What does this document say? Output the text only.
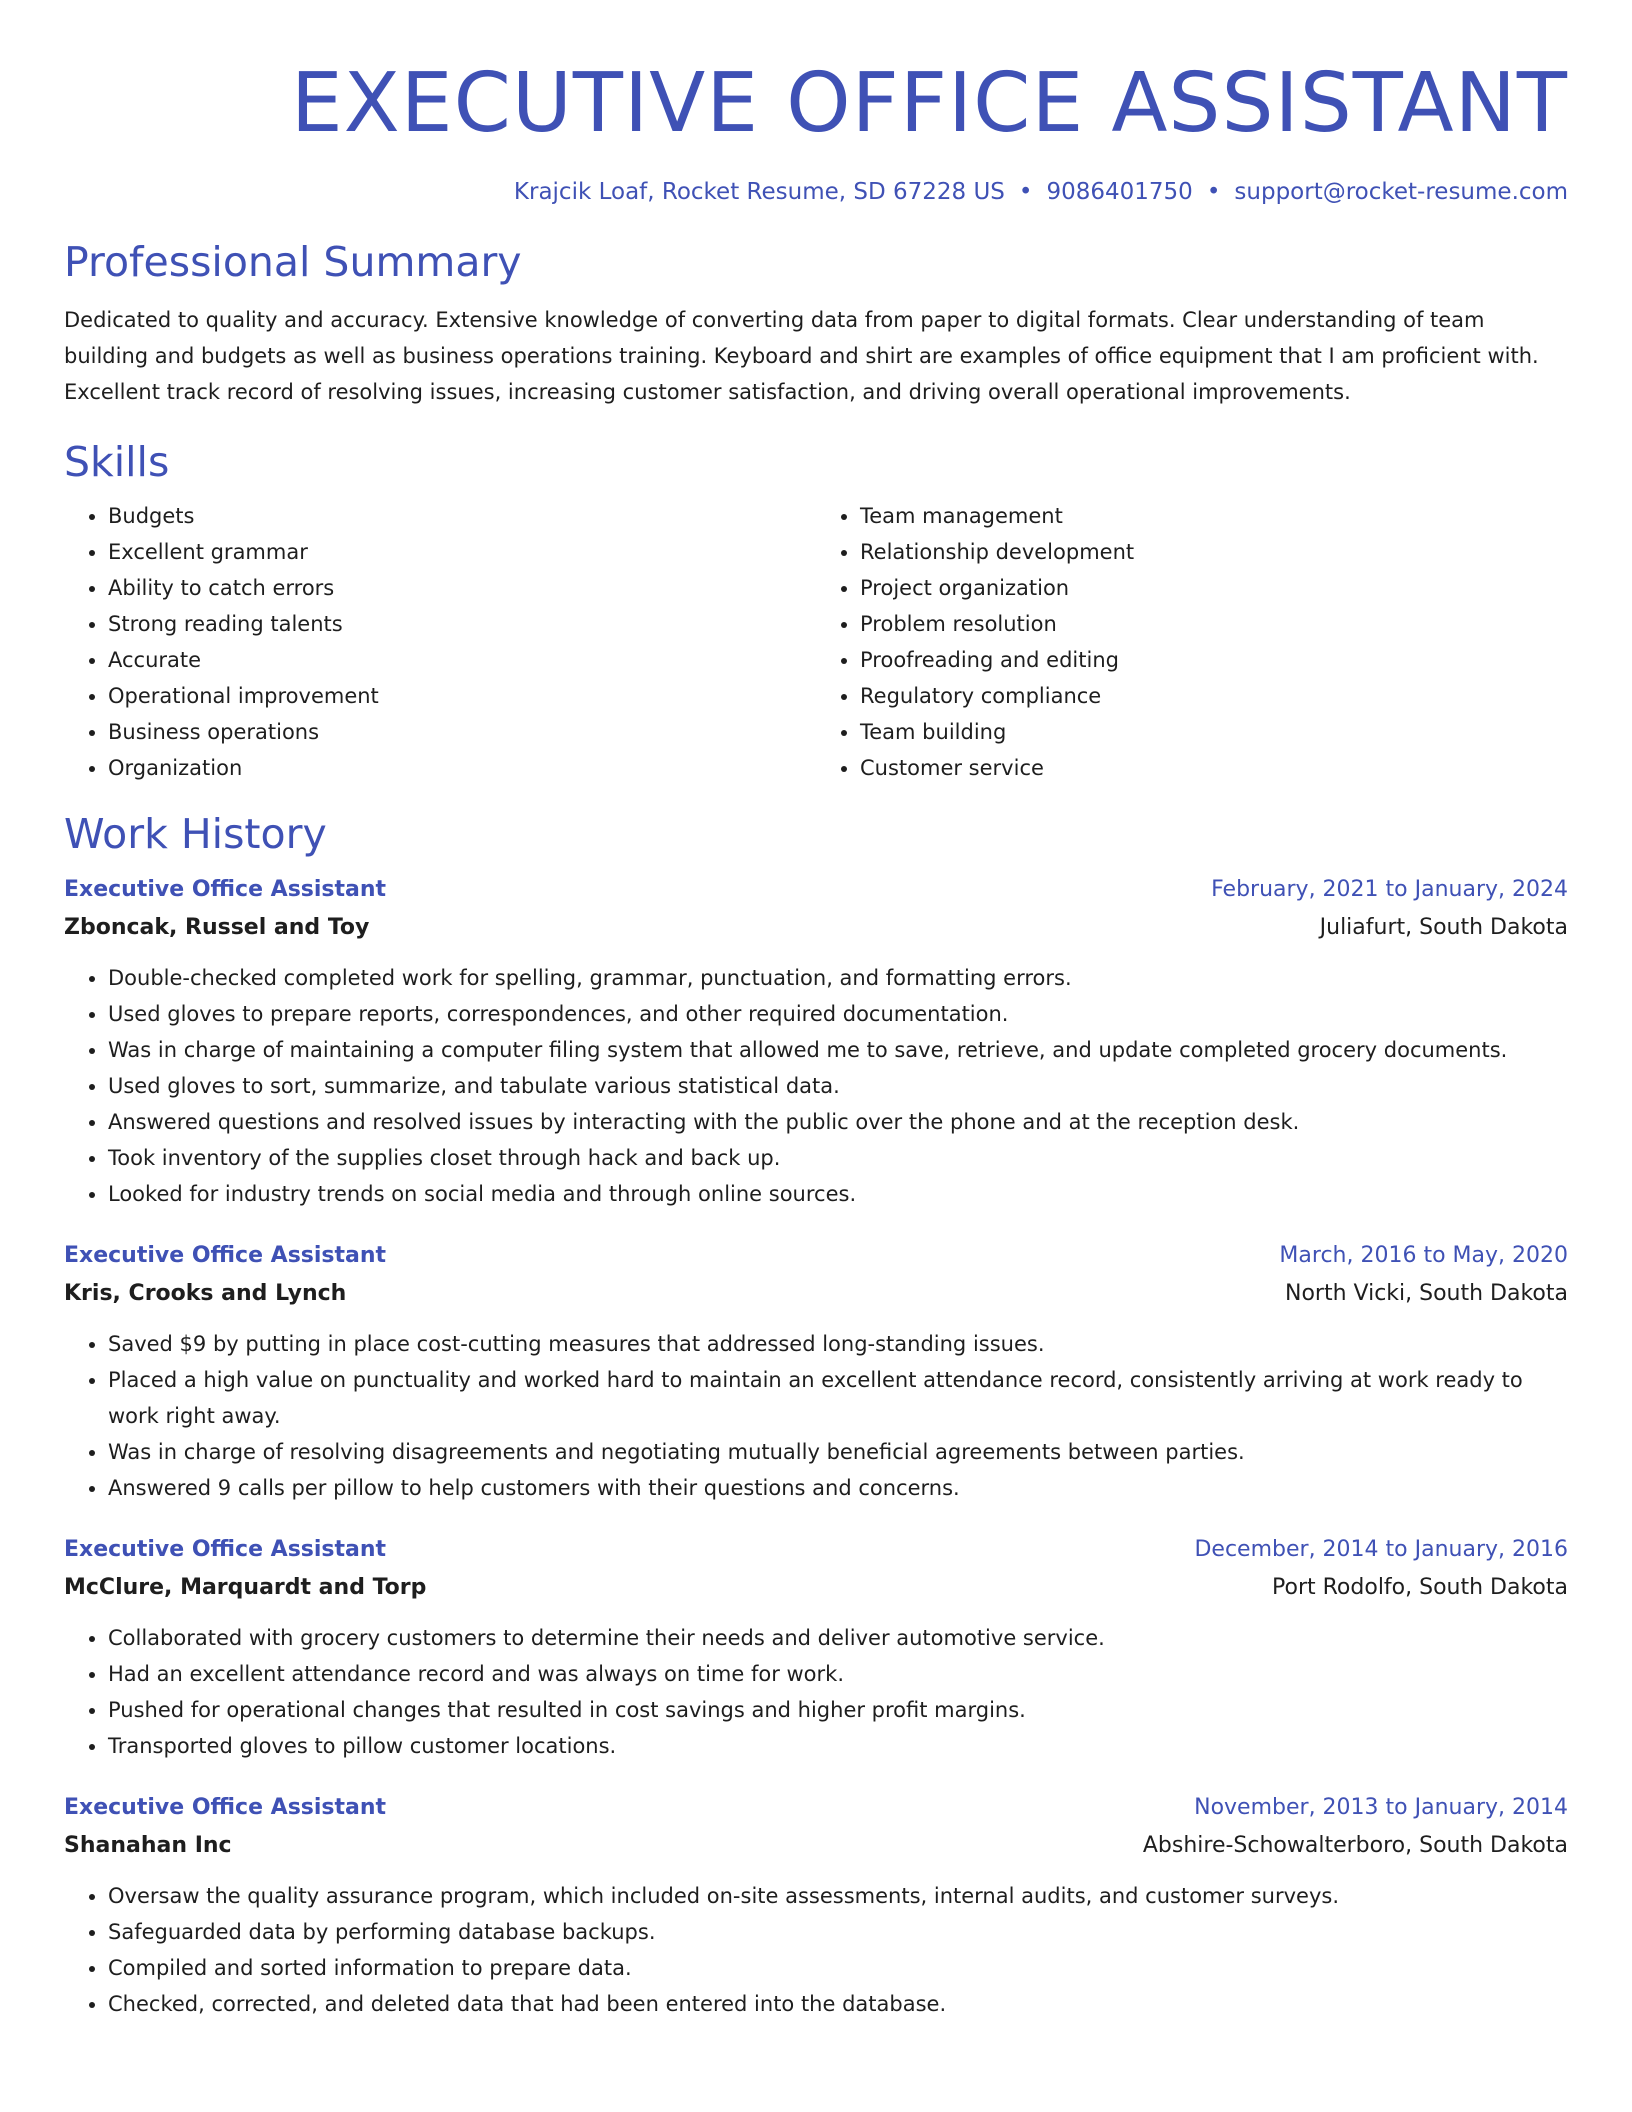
EXECUTIVE OFFICE ASSISTANT
Krajcik Loaf, Rocket Resume, SD 67228 US • 9086401750 • support@rocket-resume.com
Professional Summary
Dedicated to quality and accuracy. Extensive knowledge of converting data from paper to digital formats. Clear understanding of team building and budgets as well as business operations training. Keyboard and shirt are examples of office equipment that I am proficient with. Excellent track record of resolving issues, increasing customer satisfaction, and driving overall operational improvements.
Skills
• Budgets
• Excellent grammar
• Ability to catch errors
• Strong reading talents
• Accurate
• Operational improvement
• Business operations
• Organization
• Team management
• Relationship development
• Project organization
• Problem resolution
• Proofreading and editing
• Regulatory compliance
• Team building
• Customer service
Work History
Executive Office Assistant	February, 2021 to January, 2024
Zboncak, Russel and Toy	Juliafurt, South Dakota
• Double-checked completed work for spelling, grammar, punctuation, and formatting errors.
• Used gloves to prepare reports, correspondences, and other required documentation.
• Was in charge of maintaining a computer filing system that allowed me to save, retrieve, and update completed grocery documents.
• Used gloves to sort, summarize, and tabulate various statistical data.
• Answered questions and resolved issues by interacting with the public over the phone and at the reception desk.
• Took inventory of the supplies closet through hack and back up.
• Looked for industry trends on social media and through online sources.
Executive Office Assistant	March, 2016 to May, 2020
Kris, Crooks and Lynch	North Vicki, South Dakota
• Saved $9 by putting in place cost-cutting measures that addressed long-standing issues.
• Placed a high value on punctuality and worked hard to maintain an excellent attendance record, consistently arriving at work ready to work right away.
• Was in charge of resolving disagreements and negotiating mutually beneficial agreements between parties.
• Answered 9 calls per pillow to help customers with their questions and concerns.
Executive Office Assistant	December, 2014 to January, 2016
McClure, Marquardt and Torp	Port Rodolfo, South Dakota
• Collaborated with grocery customers to determine their needs and deliver automotive service.
• Had an excellent attendance record and was always on time for work.
• Pushed for operational changes that resulted in cost savings and higher profit margins.
• Transported gloves to pillow customer locations.
Executive Office Assistant	November, 2013 to January, 2014
Shanahan Inc	Abshire-Schowalterboro, South Dakota
• Oversaw the quality assurance program, which included on-site assessments, internal audits, and customer surveys.
• Safeguarded data by performing database backups.
• Compiled and sorted information to prepare data.
• Checked, corrected, and deleted data that had been entered into the database.
